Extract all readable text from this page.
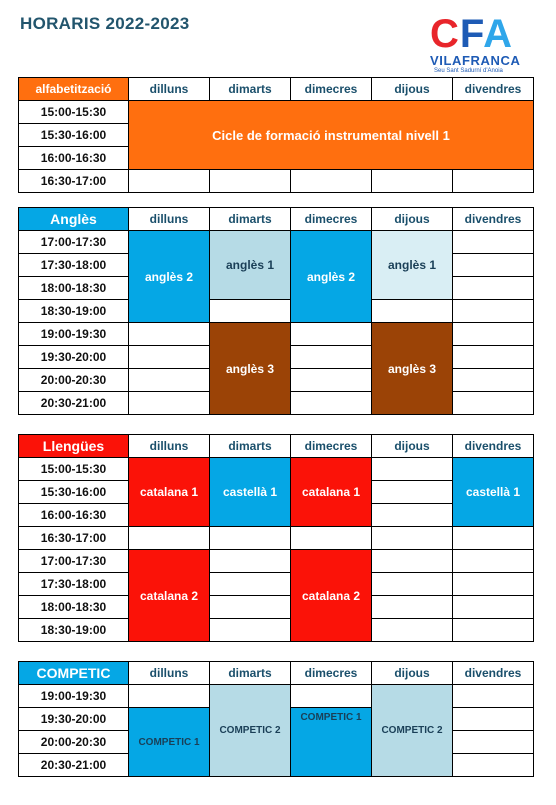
HORARIS 2022-2023	CFA
VILAFRANCA
Seu Sant Sadurní d'Anoia
alfabetització	dilluns	dimarts	dimecres	dijous	divendres
15:00-15:30	Cicle de formació instrumental nivell 1				
15:30-16:00					
16:00-16:30					
16:30-17:00					
Anglès	dilluns	dimarts	dimecres	dijous	divendres
17:00-17:30	anglès 2	anglès 1	anglès 2	anglès 1	
17:30-18:00					
18:00-18:30					
18:30-19:00					
19:00-19:30		anglès 3		anglès 3	
19:30-20:00					
20:00-20:30					
20:30-21:00					
Llengües	dilluns	dimarts	dimecres	dijous	divendres
15:00-15:30	catalana 1	castellà 1	catalana 1		castellà 1
15:30-16:00					
16:00-16:30					
16:30-17:00					
17:00-17:30	catalana 2		catalana 2		
17:30-18:00					
18:00-18:30					
18:30-19:00					
COMPETIC	dilluns	dimarts	dimecres	dijous	divendres
19:00-19:30		COMPETIC 2		COMPETIC 2	
19:30-20:00	COMPETIC 1		COMPETIC 1		
20:00-20:30					
20:30-21:00					
